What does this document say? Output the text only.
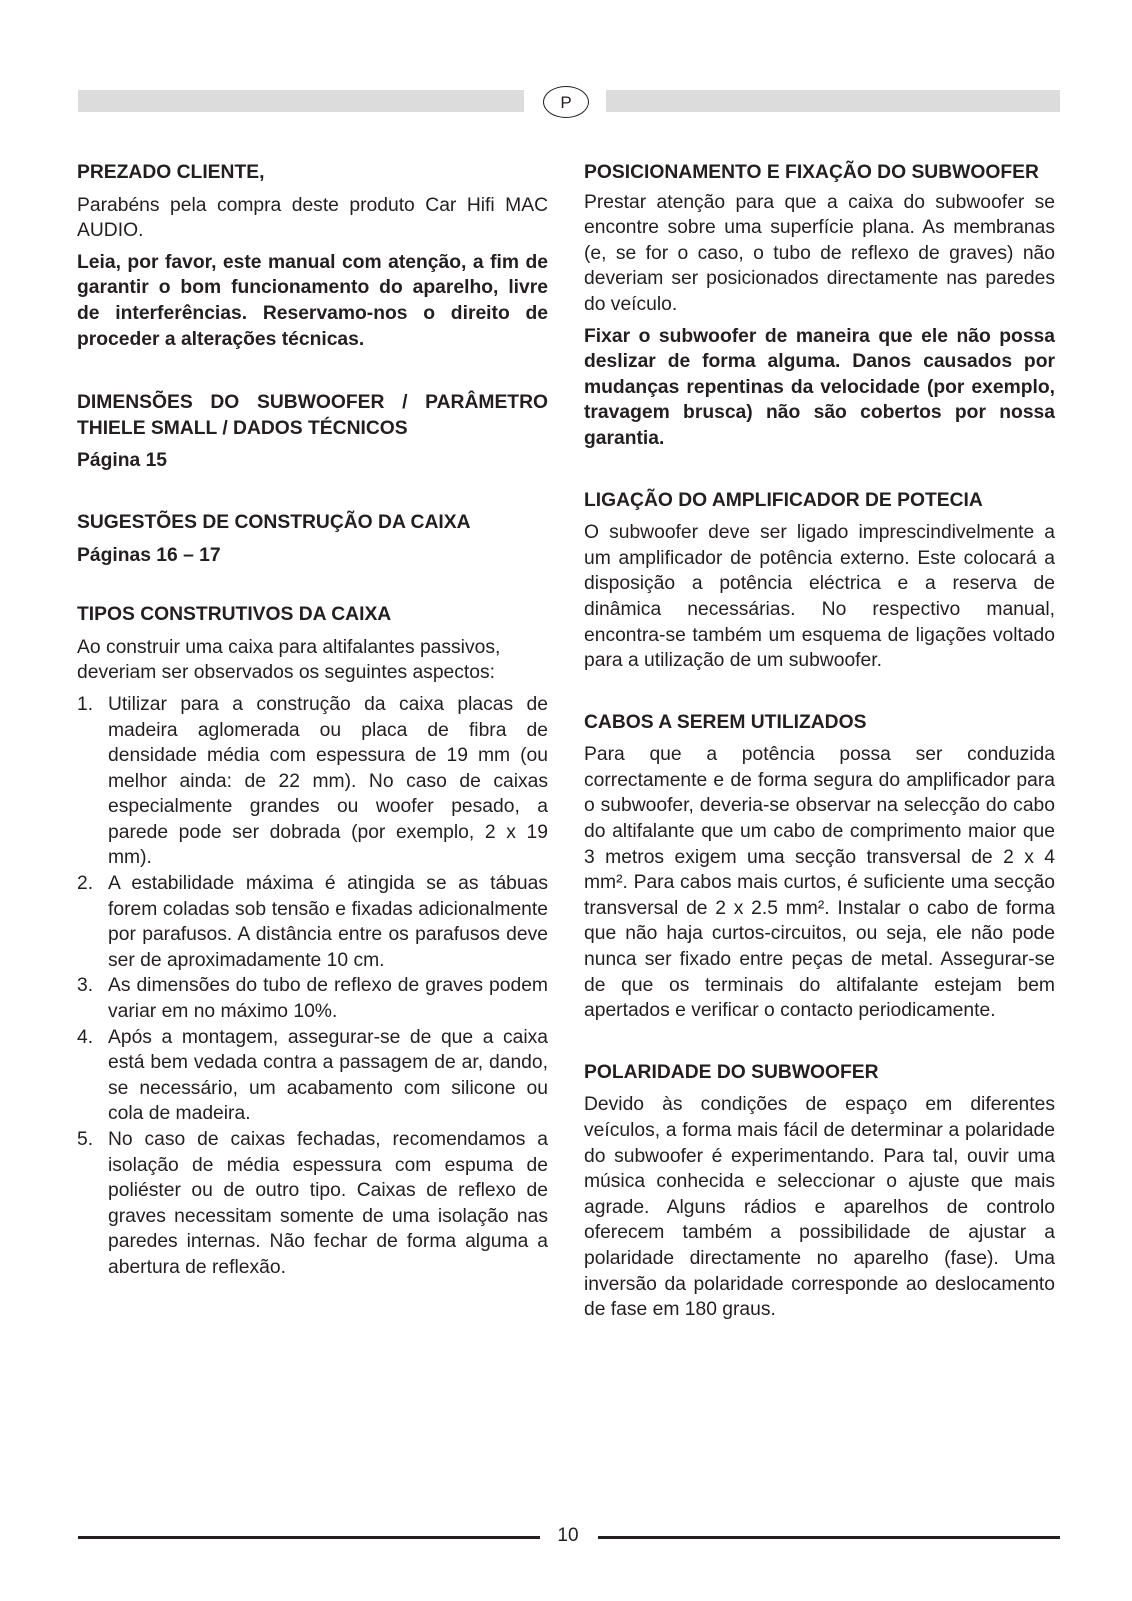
P
PREZADO CLIENTE,

Parabéns pela compra deste produto Car Hifi MAC AUDIO.

Leia, por favor, este manual com atenção, a fim de garantir o bom funcionamento do aparelho, livre de interferências. Reservamo-nos o direito de proceder a alterações técnicas.

DIMENSÕES DO SUBWOOFER / PARÂMETRO THIELE SMALL / DADOS TÉCNICOS
Página 15
SUGESTÕES DE CONSTRUÇÃO DA CAIXA
Páginas 16 – 17
TIPOS CONSTRUTIVOS DA CAIXA

Ao construir uma caixa para altifalantes passivos, deveriam ser observados os seguintes aspectos:

1. Utilizar para a construção da caixa placas de madeira aglomerada ou placa de fibra de densidade média com espessura de 19 mm (ou melhor ainda: de 22 mm). No caso de caixas especialmente grandes ou woofer pesado, a parede pode ser dobrada (por exemplo, 2 x 19 mm).
2. A estabilidade máxima é atingida se as tábuas forem coladas sob tensão e fixadas adicionalmente por parafusos. A distância entre os parafusos deve ser de aproximadamente 10 cm.
3. As dimensões do tubo de reflexo de graves podem variar em no máximo 10%.
4. Após a montagem, assegurar-se de que a caixa está bem vedada contra a passagem de ar, dando, se necessário, um acabamento com silicone ou cola de madeira.
5. No caso de caixas fechadas, recomendamos a isolação de média espessura com espuma de poliéster ou de outro tipo. Caixas de reflexo de graves necessitam somente de uma isolação nas paredes internas. Não fechar de forma alguma a abertura de reflexão.
POSICIONAMENTO E FIXAÇÃO DO SUBWOOFER

Prestar atenção para que a caixa do subwoofer se encontre sobre uma superfície plana. As membranas (e, se for o caso, o tubo de reflexo de graves) não deveriam ser posicionados directamente nas paredes do veículo.

Fixar o subwoofer de maneira que ele não possa deslizar de forma alguma. Danos causados por mudanças repentinas da velocidade (por exemplo, travagem brusca) não são cobertos por nossa garantia.

LIGAÇÃO DO AMPLIFICADOR DE POTECIA

O subwoofer deve ser ligado imprescindivelmente a um amplificador de potência externo. Este colocará a disposição a potência eléctrica e a reserva de dinâmica necessárias. No respectivo manual, encontra-se também um esquema de ligações voltado para a utilização de um subwoofer.

CABOS A SEREM UTILIZADOS

Para que a potência possa ser conduzida correctamente e de forma segura do amplificador para o subwoofer, deveria-se observar na selecção do cabo do altifalante que um cabo de comprimento maior que 3 metros exigem uma secção transversal de 2 x 4 mm². Para cabos mais curtos, é suficiente uma secção transversal de 2 x 2.5 mm². Instalar o cabo de forma que não haja curtos-circuitos, ou seja, ele não pode nunca ser fixado entre peças de metal. Assegurar-se de que os terminais do altifalante estejam bem apertados e verificar o contacto periodicamente.

POLARIDADE DO SUBWOOFER

Devido às condições de espaço em diferentes veículos, a forma mais fácil de determinar a polaridade do subwoofer é experimentando. Para tal, ouvir uma música conhecida e seleccionar o ajuste que mais agrade. Alguns rádios e aparelhos de controlo oferecem também a possibilidade de ajustar a polaridade directamente no aparelho (fase). Uma inversão da polaridade corresponde ao deslocamento de fase em 180 graus.

10
